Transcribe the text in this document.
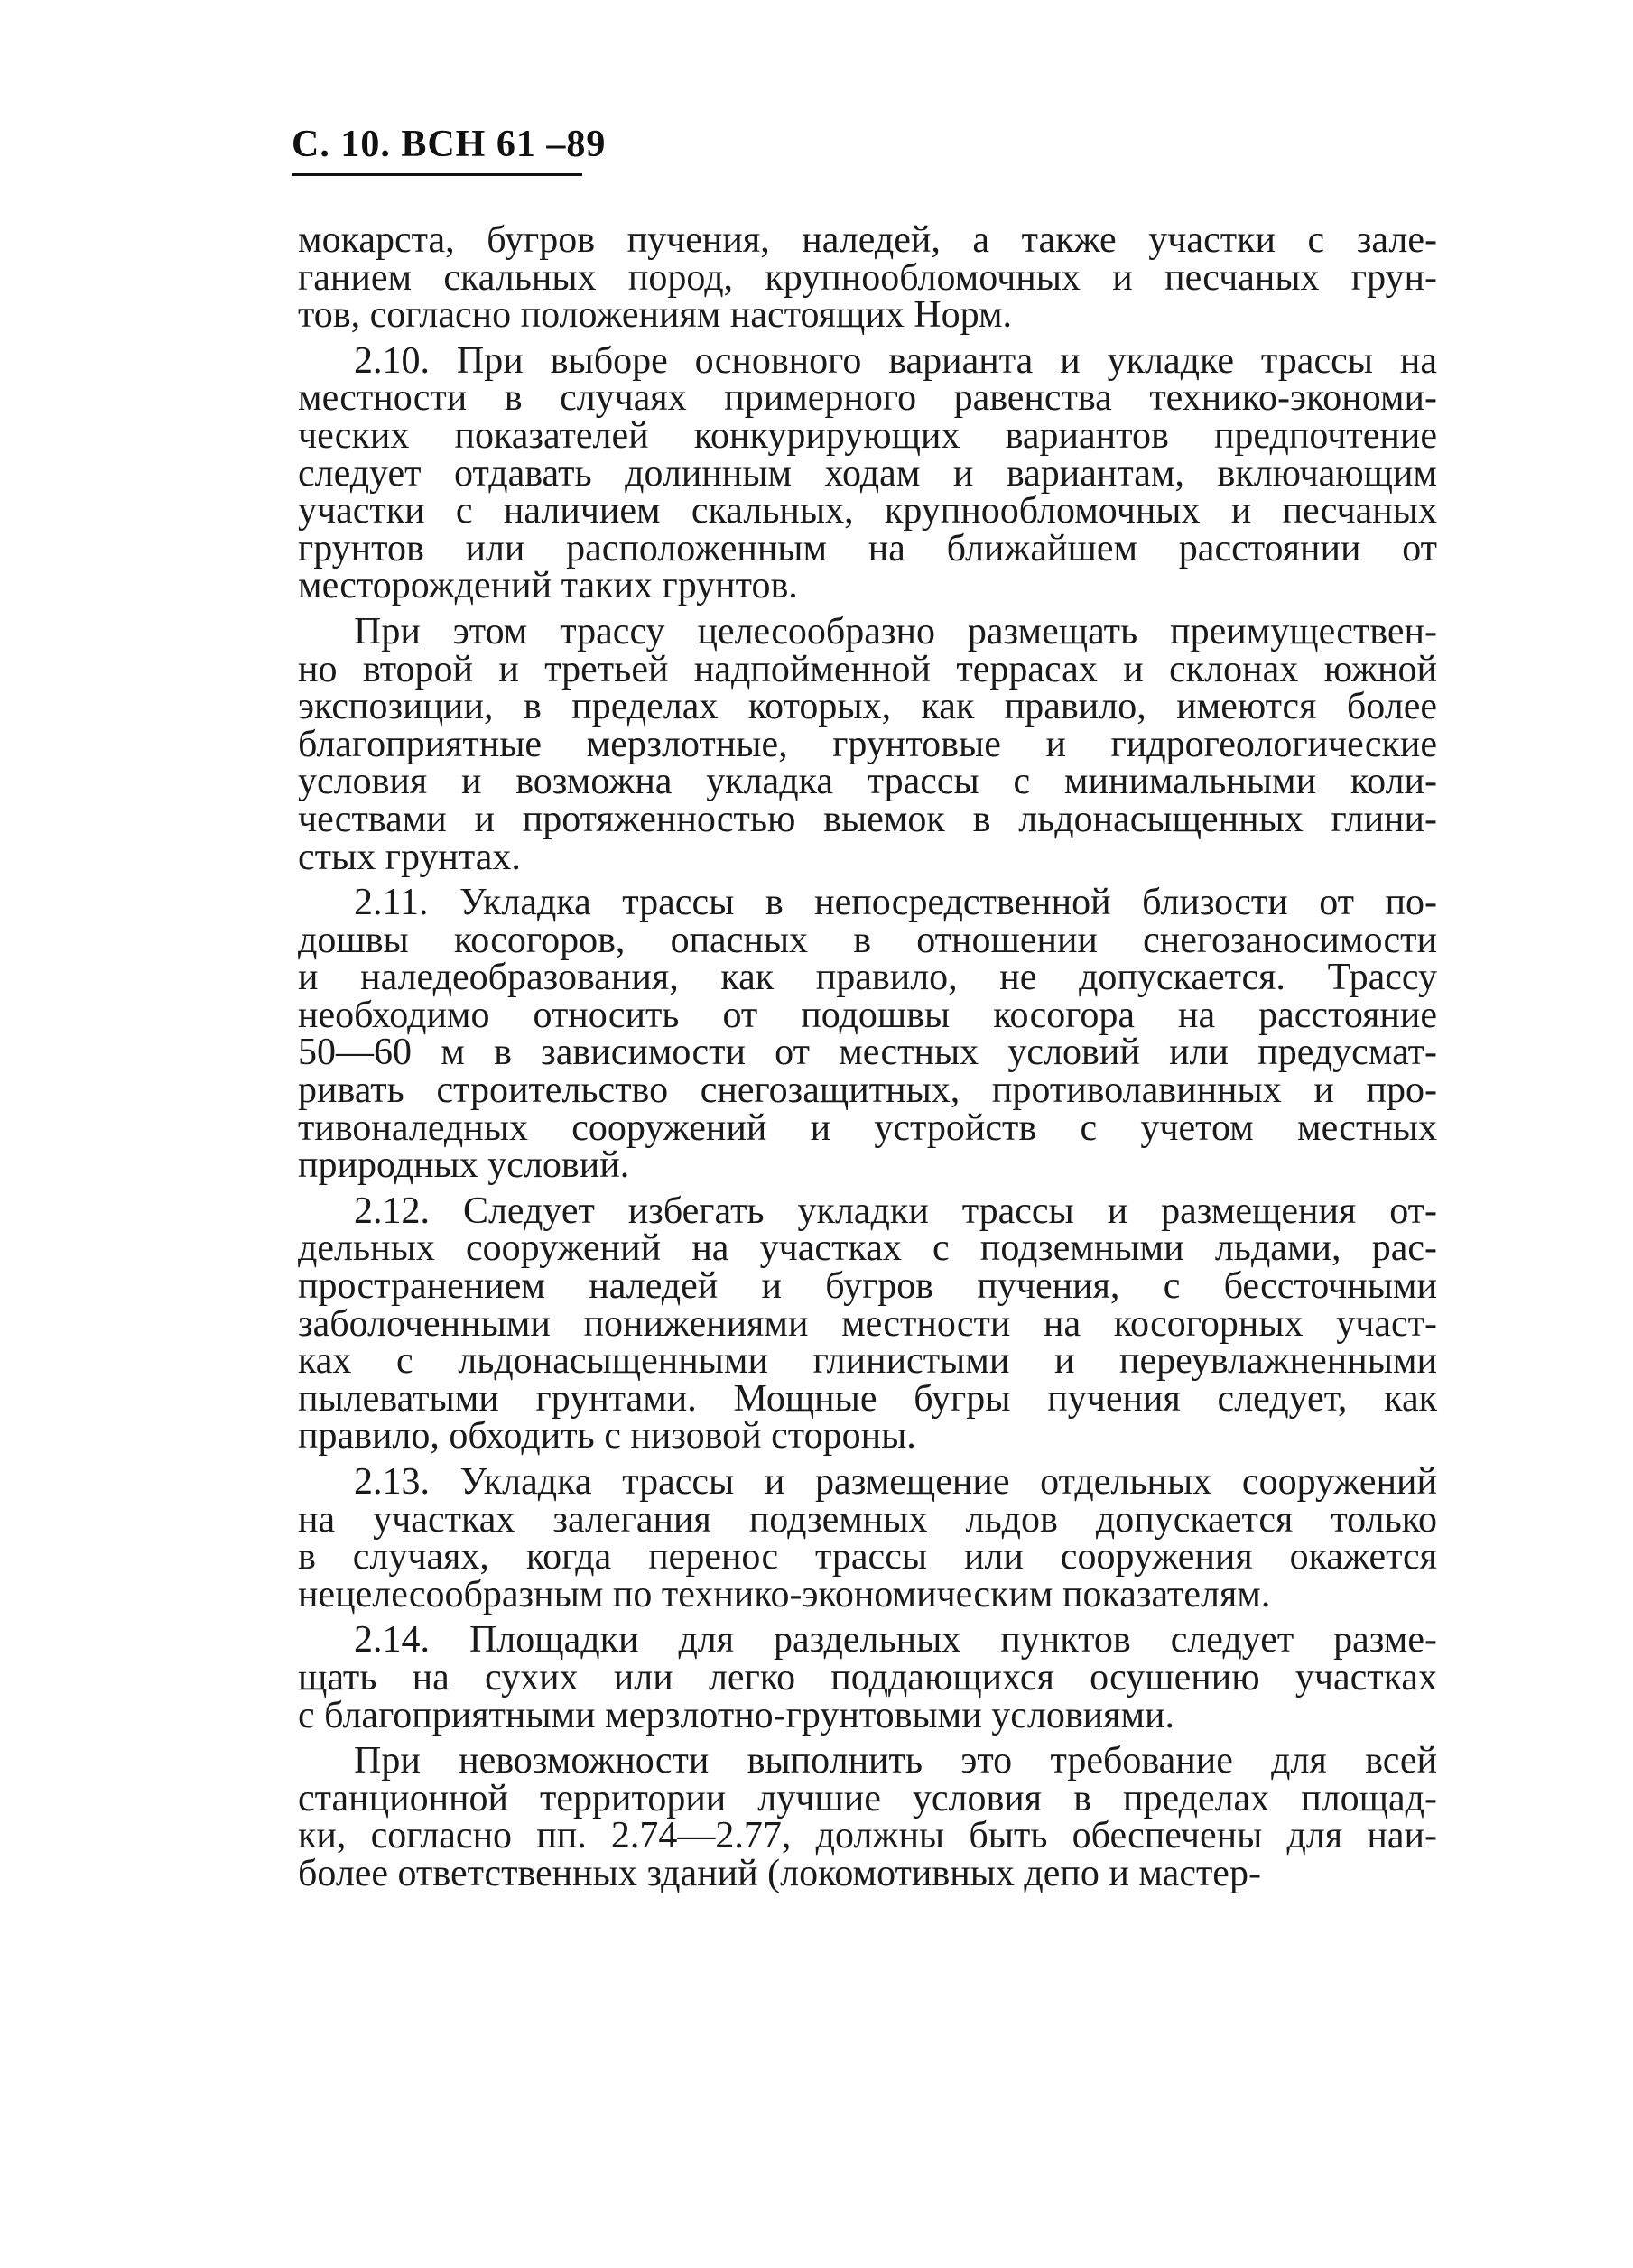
С. 10. ВСН 61 –89
мокарста, бугров пучения, наледей, а также участки с зале-
ганием скальных пород, крупнообломочных и песчаных грун-
тов, согласно положениям настоящих Норм.
2.10. При выборе основного варианта и укладке трассы на
местности в случаях примерного равенства технико-экономи-
ческих показателей конкурирующих вариантов предпочтение
следует отдавать долинным ходам и вариантам, включающим
участки с наличием скальных, крупнообломочных и песчаных
грунтов или расположенным на ближайшем расстоянии от
месторождений таких грунтов.
При этом трассу целесообразно размещать преимуществен-
но второй и третьей надпойменной террасах и склонах южной
экспозиции, в пределах которых, как правило, имеются более
благоприятные мерзлотные, грунтовые и гидрогеологические
условия и возможна укладка трассы с минимальными коли-
чествами и протяженностью выемок в льдонасыщенных глини-
стых грунтах.
2.11. Укладка трассы в непосредственной близости от по-
дошвы косогоров, опасных в отношении снегозаносимости
и наледеобразования, как правило, не допускается. Трассу
необходимо относить от подошвы косогора на расстояние
50—60 м в зависимости от местных условий или предусмат-
ривать строительство снегозащитных, противолавинных и про-
тивоналедных сооружений и устройств с учетом местных
природных условий.
2.12. Следует избегать укладки трассы и размещения от-
дельных сооружений на участках с подземными льдами, рас-
пространением наледей и бугров пучения, с бессточными
заболоченными понижениями местности на косогорных участ-
ках с льдонасыщенными глинистыми и переувлажненными
пылеватыми грунтами. Мощные бугры пучения следует, как
правило, обходить с низовой стороны.
2.13. Укладка трассы и размещение отдельных сооружений
на участках залегания подземных льдов допускается только
в случаях, когда перенос трассы или сооружения окажется
нецелесообразным по технико-экономическим показателям.
2.14. Площадки для раздельных пунктов следует разме-
щать на сухих или легко поддающихся осушению участках
с благоприятными мерзлотно-грунтовыми условиями.
При невозможности выполнить это требование для всей
станционной территории лучшие условия в пределах площад-
ки, согласно пп. 2.74—2.77, должны быть обеспечены для наи-
более ответственных зданий (локомотивных депо и мастер-
